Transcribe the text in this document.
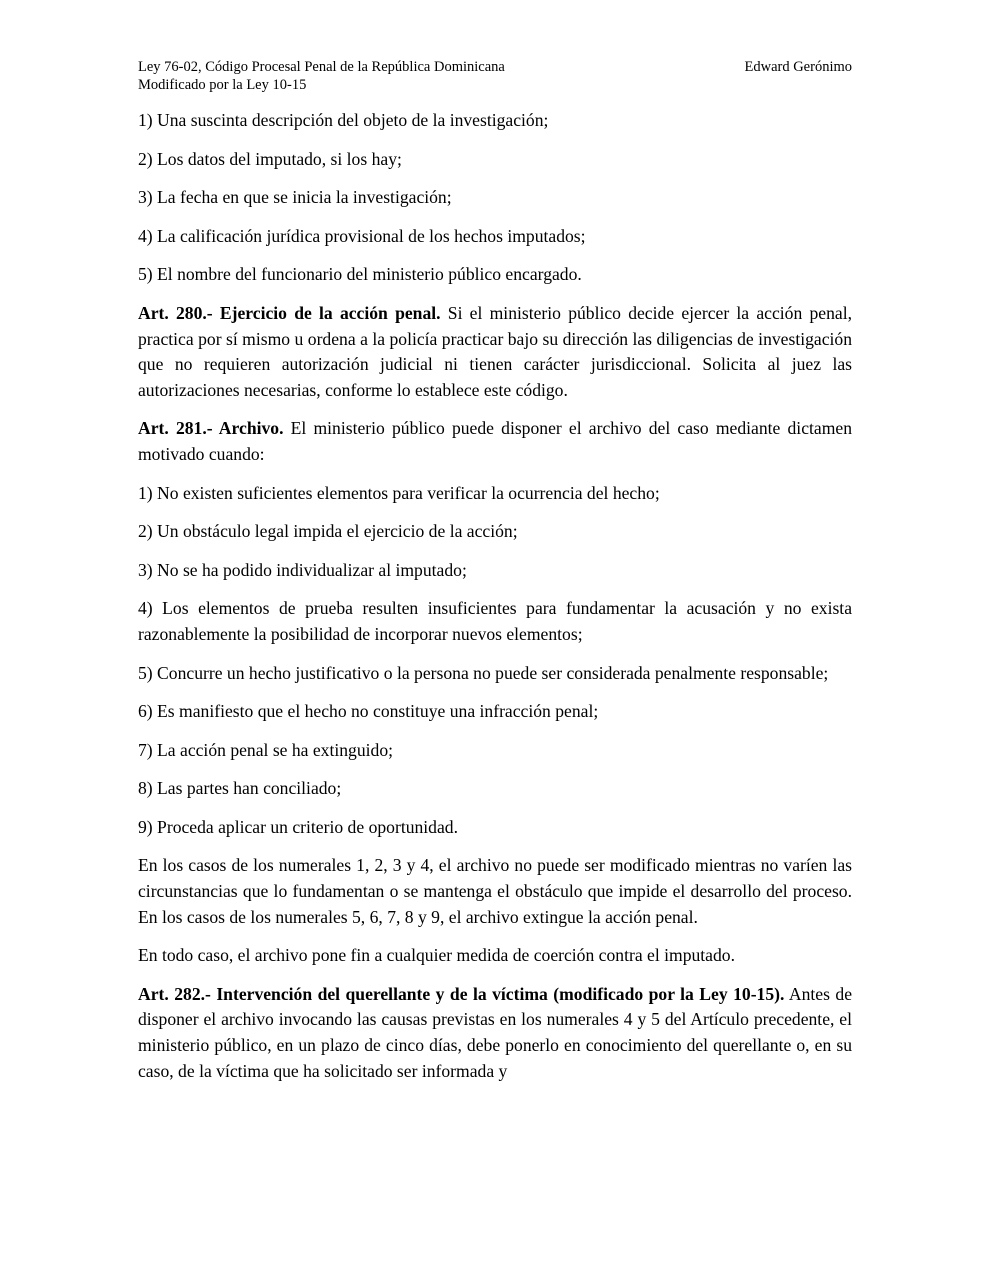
Ley 76-02, Código Procesal Penal de la República Dominicana
Modificado por la Ley 10-15
Edward Gerónimo

1) Una suscinta descripción del objeto de la investigación;

2) Los datos del imputado, si los hay;

3) La fecha en que se inicia la investigación;

4) La calificación jurídica provisional de los hechos imputados;

5) El nombre del funcionario del ministerio público encargado.

Art. 280.- Ejercicio de la acción penal. Si el ministerio público decide ejercer la acción penal, practica por sí mismo u ordena a la policía practicar bajo su dirección las diligencias de investigación que no requieren autorización judicial ni tienen carácter jurisdiccional. Solicita al juez las autorizaciones necesarias, conforme lo establece este código.

Art. 281.- Archivo. El ministerio público puede disponer el archivo del caso mediante dictamen motivado cuando:

1) No existen suficientes elementos para verificar la ocurrencia del hecho;

2) Un obstáculo legal impida el ejercicio de la acción;

3) No se ha podido individualizar al imputado;

4) Los elementos de prueba resulten insuficientes para fundamentar la acusación y no exista razonablemente la posibilidad de incorporar nuevos elementos;

5) Concurre un hecho justificativo o la persona no puede ser considerada penalmente responsable;

6) Es manifiesto que el hecho no constituye una infracción penal;

7) La acción penal se ha extinguido;

8) Las partes han conciliado;

9) Proceda aplicar un criterio de oportunidad.

En los casos de los numerales 1, 2, 3 y 4, el archivo no puede ser modificado mientras no varíen las circunstancias que lo fundamentan o se mantenga el obstáculo que impide el desarrollo del proceso. En los casos de los numerales 5, 6, 7, 8 y 9, el archivo extingue la acción penal.

En todo caso, el archivo pone fin a cualquier medida de coerción contra el imputado.

Art. 282.- Intervención del querellante y de la víctima (modificado por la Ley 10-15). Antes de disponer el archivo invocando las causas previstas en los numerales 4 y 5 del Artículo precedente, el ministerio público, en un plazo de cinco días, debe ponerlo en conocimiento del querellante o, en su caso, de la víctima que ha solicitado ser informada y
